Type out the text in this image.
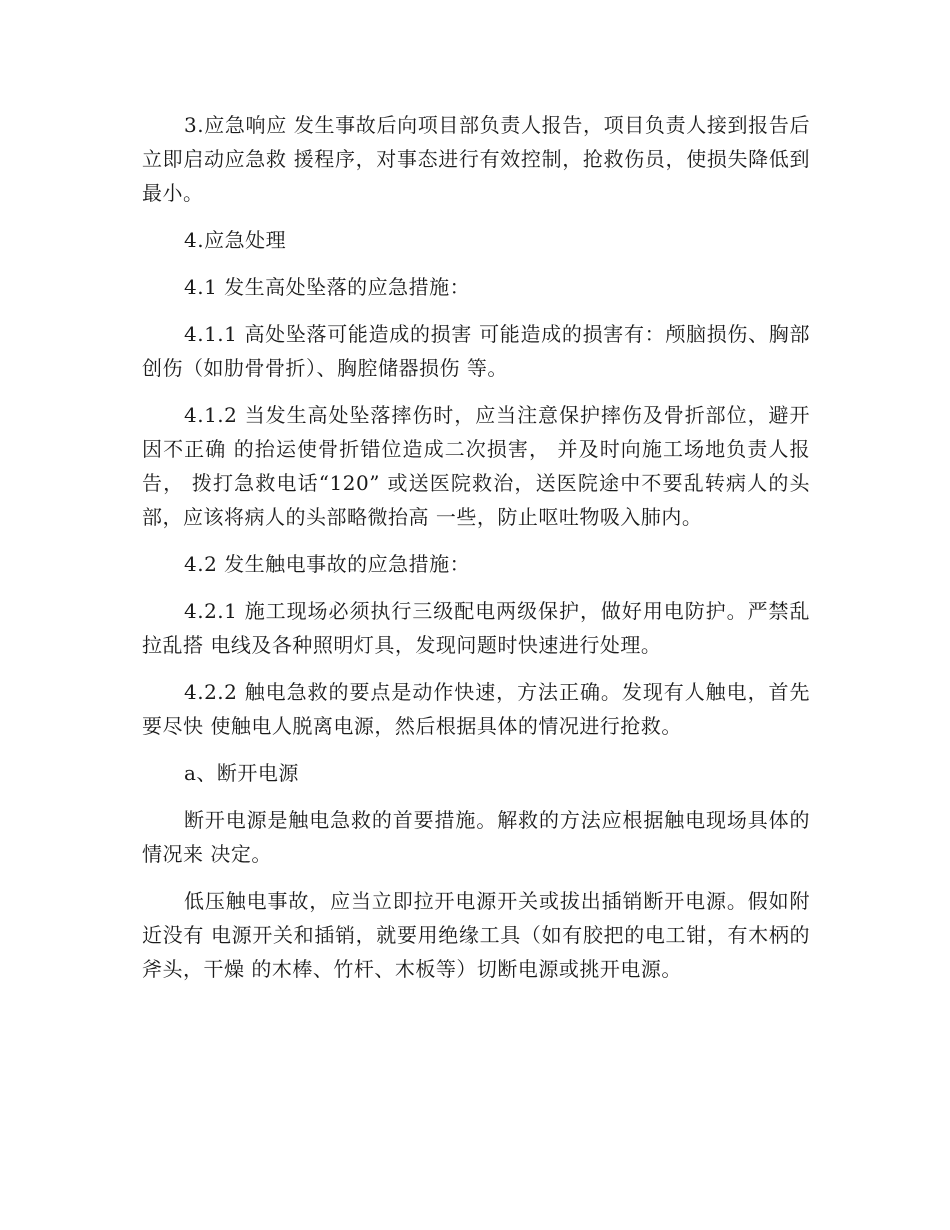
3.应急响应 发生事故后向项目部负责人报告，项目负责人接到报告后立即启动应急救 援程序，对事态进行有效控制，抢救伤员，使损失降低到最小。

4.应急处理

4.1 发生高处坠落的应急措施：

4.1.1 高处坠落可能造成的损害 可能造成的损害有：颅脑损伤、胸部创伤（如肋骨骨折）、胸腔储器损伤 等。

4.1.2 当发生高处坠落摔伤时，应当注意保护摔伤及骨折部位，避开因不正确 的抬运使骨折错位造成二次损害， 并及时向施工场地负责人报告， 拨打急救电话“120” 或送医院救治，送医院途中不要乱转病人的头部，应该将病人的头部略微抬高 一些，防止呕吐物吸入肺内。

4.2 发生触电事故的应急措施：

4.2.1 施工现场必须执行三级配电两级保护，做好用电防护。严禁乱拉乱搭 电线及各种照明灯具，发现问题时快速进行处理。

4.2.2 触电急救的要点是动作快速，方法正确。发现有人触电，首先要尽快 使触电人脱离电源，然后根据具体的情况进行抢救。

a、断开电源

断开电源是触电急救的首要措施。解救的方法应根据触电现场具体的情况来 决定。

低压触电事故，应当立即拉开电源开关或拔出插销断开电源。假如附近没有 电源开关和插销，就要用绝缘工具（如有胶把的电工钳，有木柄的斧头，干燥 的木棒、竹杆、木板等）切断电源或挑开电源。
